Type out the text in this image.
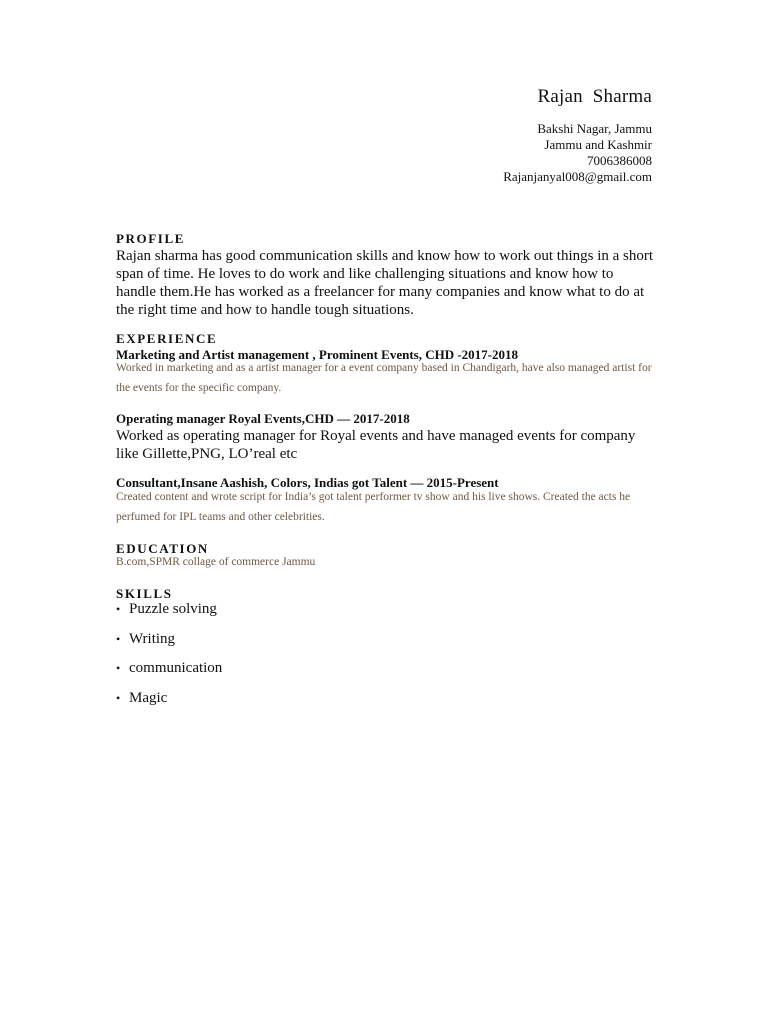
Rajan  Sharma
Bakshi Nagar, Jammu
Jammu and Kashmir
7006386008
Rajanjanyal008@gmail.com
PROFILE
Rajan sharma has good communication skills and know how to work out things in a short span of time. He loves to do work and like challenging situations and know how to handle them.He has worked as a freelancer for many companies and know what to do at the right time and how to handle tough situations.
EXPERIENCE
Marketing and Artist management , Prominent Events, CHD -2017-2018
Worked in marketing and as a artist manager for a event company based in Chandigarh, have also managed artist for the events for the specific company.
Operating manager Royal Events,CHD — 2017-2018
Worked as operating manager for Royal events and have managed events for company like Gillette,PNG, LO’real etc
Consultant,Insane Aashish, Colors, Indias got Talent — 2015-Present
Created content and wrote script for India’s got talent performer tv show and his live shows. Created the acts he perfumed for IPL teams and other celebrities.
EDUCATION
B.com,SPMR collage of commerce Jammu
SKILLS
• Puzzle solving
• Writing
• communication
• Magic
